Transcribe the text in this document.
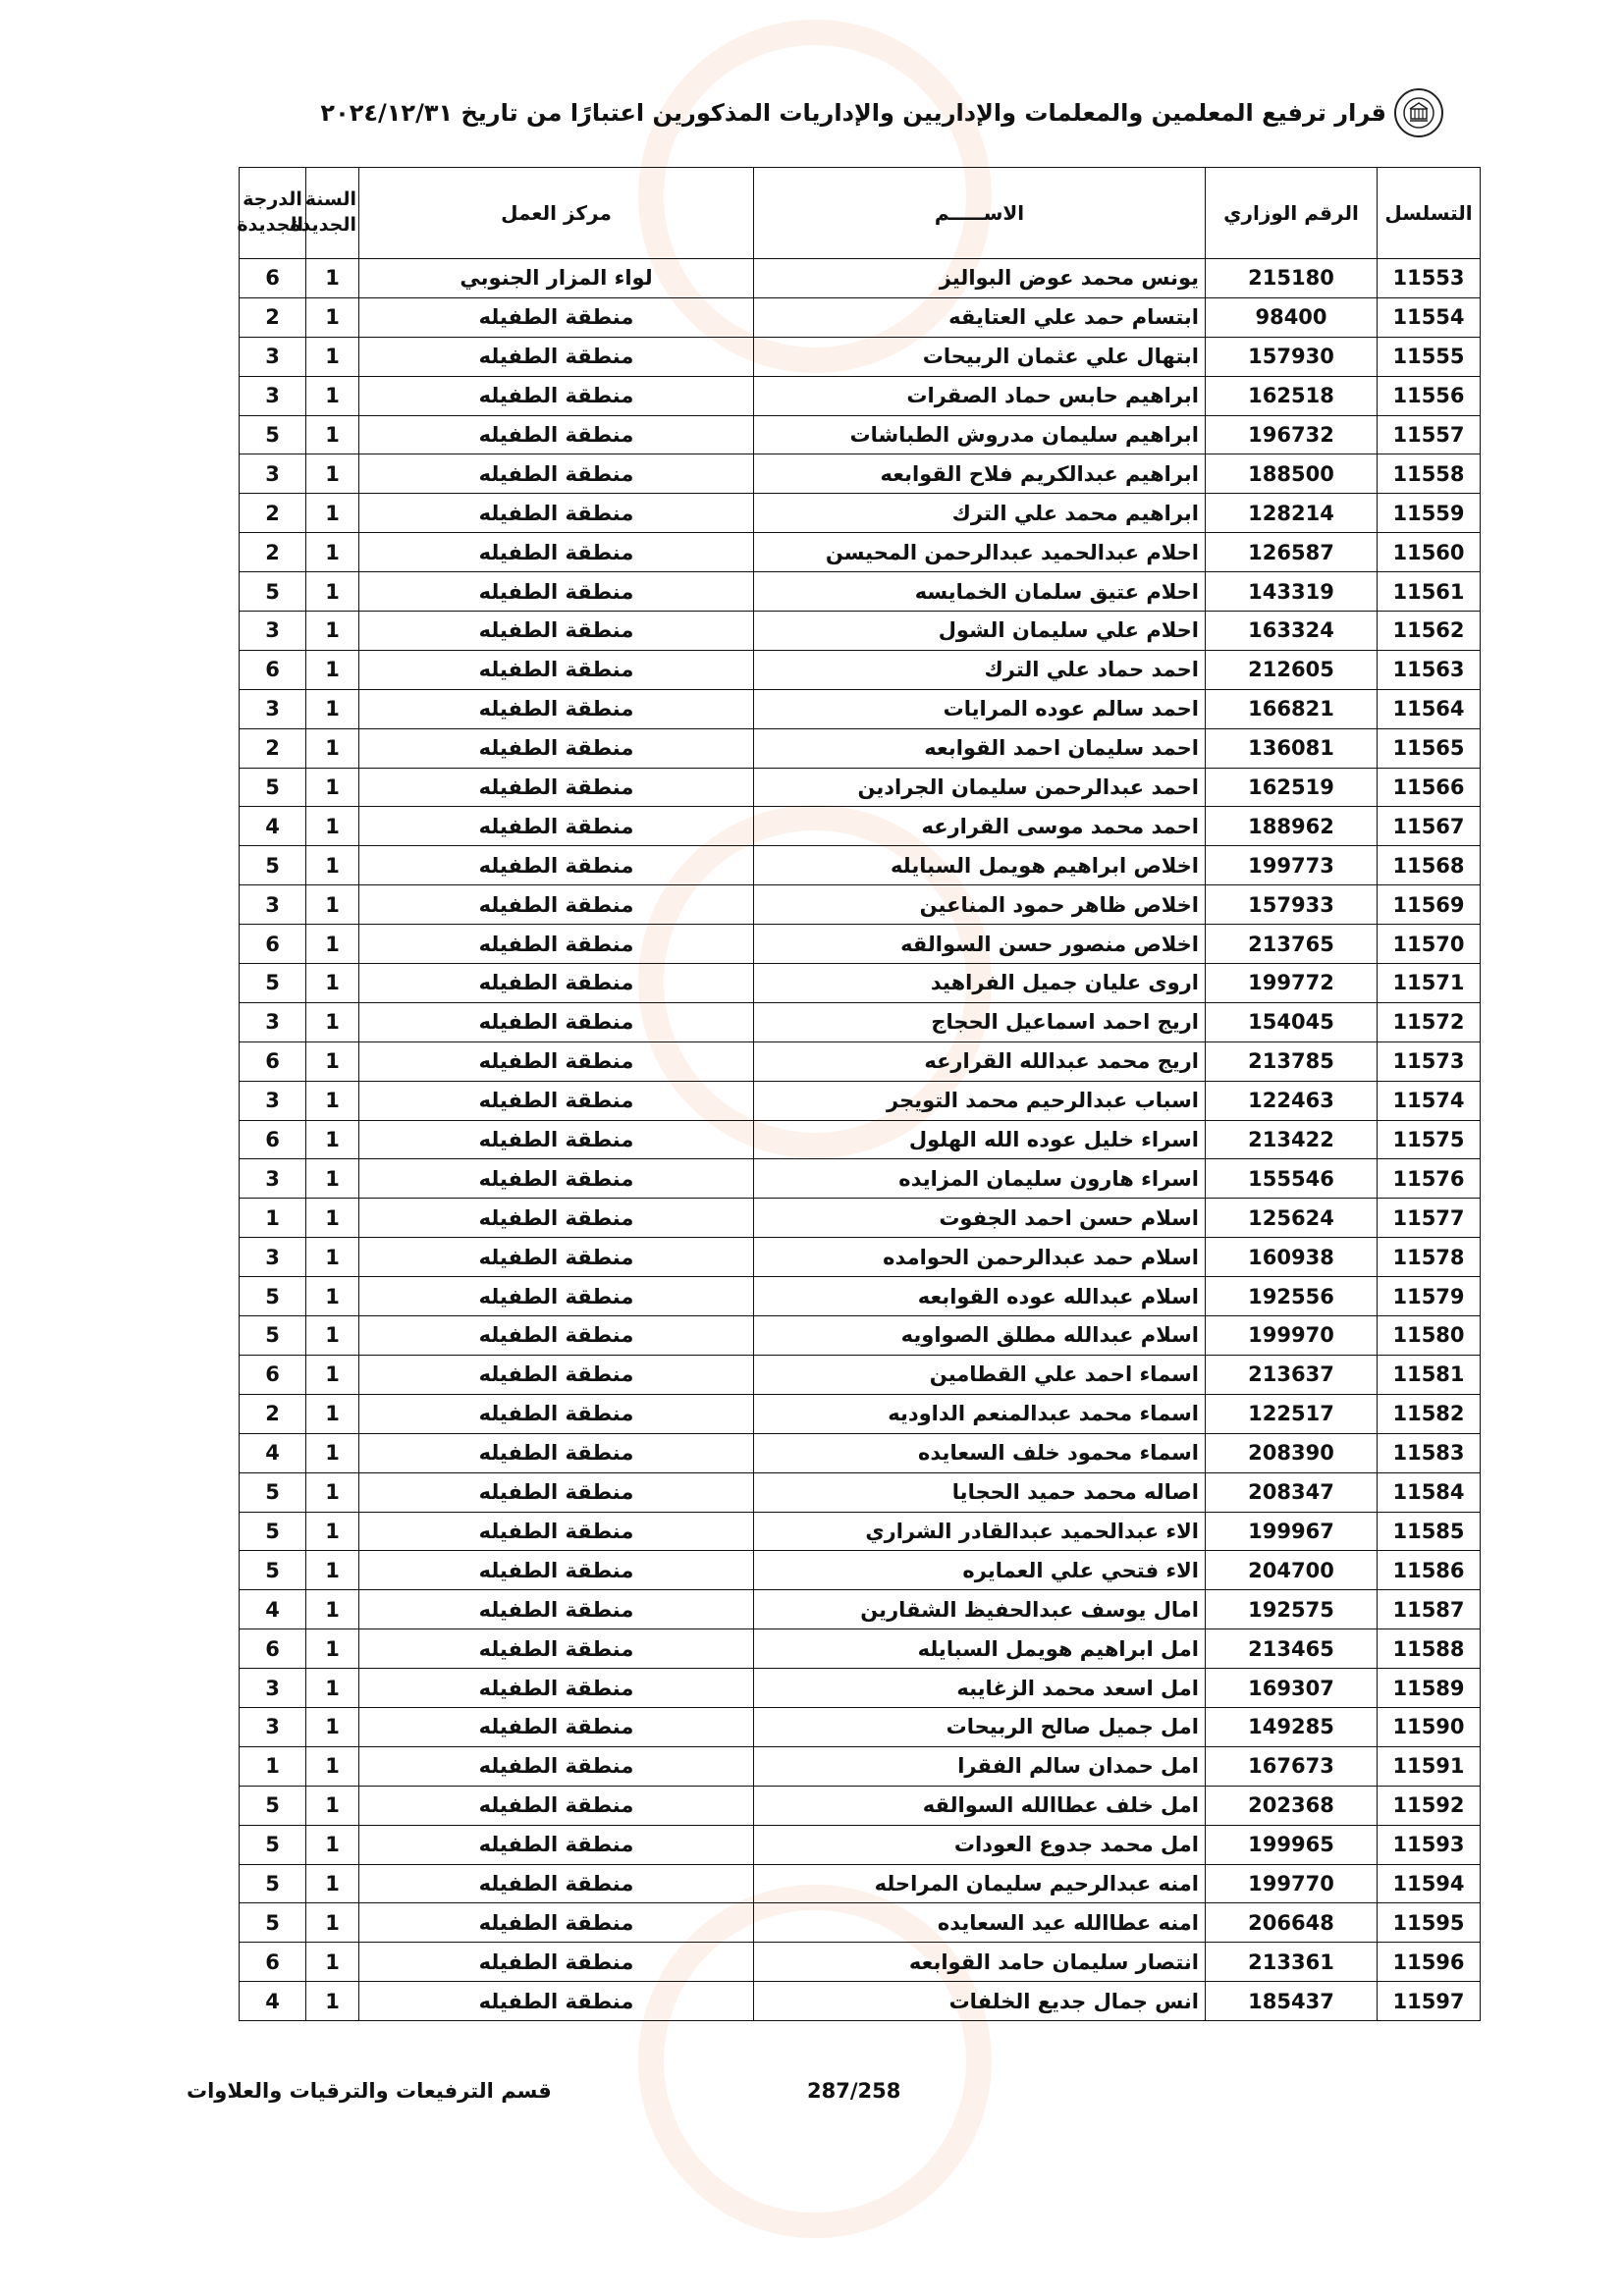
قرار ترفيع المعلمين والمعلمات والإداريين والإداريات المذكورين اعتبارًا من تاريخ ٢٠٢٤/١٢/٣١
التسلسل	الرقم الوزاري	الاســـــم	مركز العمل	السنة الجديدة	الدرجة الجديدة
11553	215180	يونس محمد عوض البواليز	لواء المزار الجنوبي	1	6
11554	98400	ابتسام حمد علي العتايقه	منطقة الطفيله	1	2
11555	157930	ابتهال علي عثمان الربيحات	منطقة الطفيله	1	3
11556	162518	ابراهيم حابس حماد الصقرات	منطقة الطفيله	1	3
11557	196732	ابراهيم سليمان مدروش الطباشات	منطقة الطفيله	1	5
11558	188500	ابراهيم عبدالكريم فلاح القوابعه	منطقة الطفيله	1	3
11559	128214	ابراهيم محمد علي الترك	منطقة الطفيله	1	2
11560	126587	احلام عبدالحميد عبدالرحمن المحيسن	منطقة الطفيله	1	2
11561	143319	احلام عتيق سلمان الخمايسه	منطقة الطفيله	1	5
11562	163324	احلام علي سليمان الشول	منطقة الطفيله	1	3
11563	212605	احمد حماد علي الترك	منطقة الطفيله	1	6
11564	166821	احمد سالم عوده المرايات	منطقة الطفيله	1	3
11565	136081	احمد سليمان احمد القوابعه	منطقة الطفيله	1	2
11566	162519	احمد عبدالرحمن سليمان الجرادين	منطقة الطفيله	1	5
11567	188962	احمد محمد موسى القرارعه	منطقة الطفيله	1	4
11568	199773	اخلاص ابراهيم هويمل السبايله	منطقة الطفيله	1	5
11569	157933	اخلاص ظاهر حمود المناعين	منطقة الطفيله	1	3
11570	213765	اخلاص منصور حسن السوالقه	منطقة الطفيله	1	6
11571	199772	اروى عليان جميل الفراهيد	منطقة الطفيله	1	5
11572	154045	اريج احمد اسماعيل الحجاج	منطقة الطفيله	1	3
11573	213785	اريج محمد عبدالله القرارعه	منطقة الطفيله	1	6
11574	122463	اسباب عبدالرحيم محمد التويجر	منطقة الطفيله	1	3
11575	213422	اسراء خليل عوده الله الهلول	منطقة الطفيله	1	6
11576	155546	اسراء هارون سليمان المزايده	منطقة الطفيله	1	3
11577	125624	اسلام حسن احمد الجفوت	منطقة الطفيله	1	1
11578	160938	اسلام حمد عبدالرحمن الحوامده	منطقة الطفيله	1	3
11579	192556	اسلام عبدالله عوده القوابعه	منطقة الطفيله	1	5
11580	199970	اسلام عبدالله مطلق الصواويه	منطقة الطفيله	1	5
11581	213637	اسماء احمد علي القطامين	منطقة الطفيله	1	6
11582	122517	اسماء محمد عبدالمنعم الداوديه	منطقة الطفيله	1	2
11583	208390	اسماء محمود خلف السعايده	منطقة الطفيله	1	4
11584	208347	اصاله محمد حميد الحجايا	منطقة الطفيله	1	5
11585	199967	الاء عبدالحميد عبدالقادر الشراري	منطقة الطفيله	1	5
11586	204700	الاء فتحي علي العمايره	منطقة الطفيله	1	5
11587	192575	امال يوسف عبدالحفيظ الشقارين	منطقة الطفيله	1	4
11588	213465	امل ابراهيم هويمل السبايله	منطقة الطفيله	1	6
11589	169307	امل اسعد محمد الزغايبه	منطقة الطفيله	1	3
11590	149285	امل جميل صالح الربيحات	منطقة الطفيله	1	3
11591	167673	امل حمدان سالم الفقرا	منطقة الطفيله	1	1
11592	202368	امل خلف عطاالله السوالقه	منطقة الطفيله	1	5
11593	199965	امل محمد جدوع العودات	منطقة الطفيله	1	5
11594	199770	امنه عبدالرحيم سليمان المراحله	منطقة الطفيله	1	5
11595	206648	امنه عطاالله عيد السعايده	منطقة الطفيله	1	5
11596	213361	انتصار سليمان حامد القوابعه	منطقة الطفيله	1	6
11597	185437	انس جمال جديع الخلفات	منطقة الطفيله	1	4
قسم الترفيعات والترقيات والعلاوات	287/258
